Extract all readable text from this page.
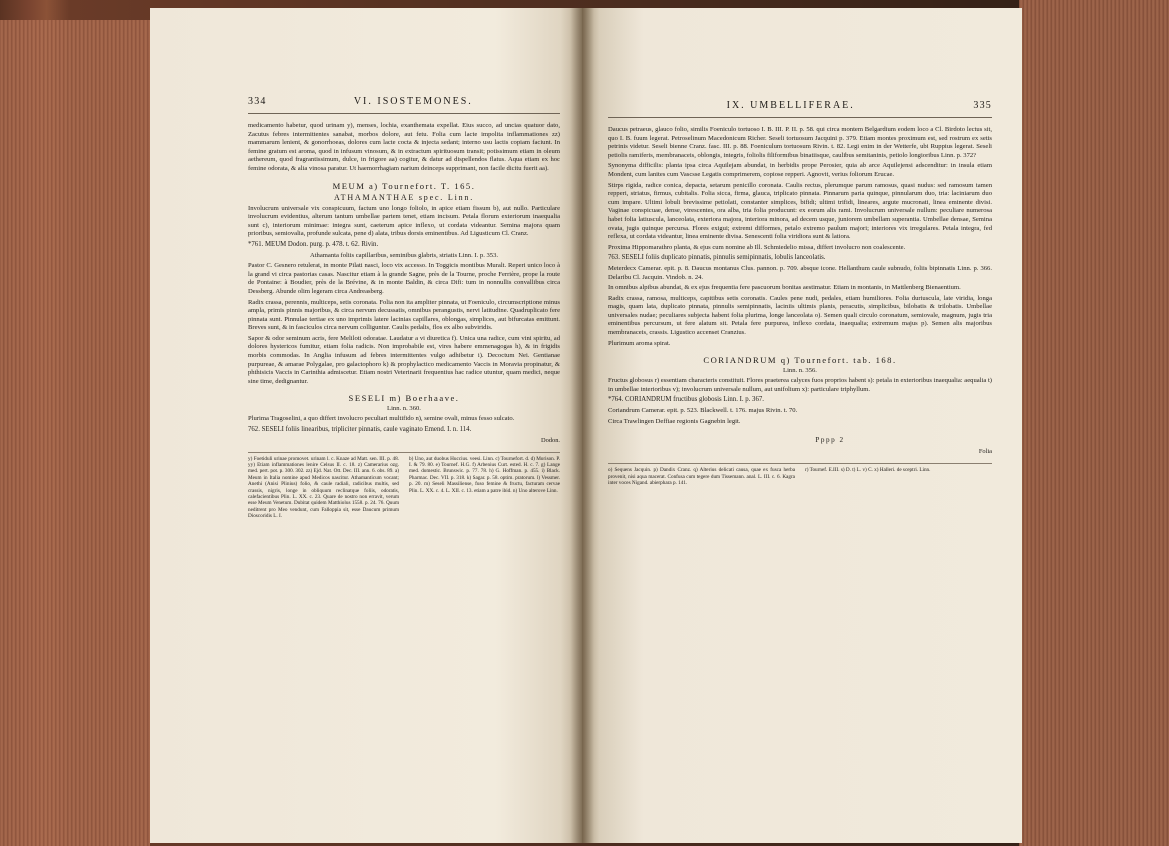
334	VI. ISOSTEMONES.

medicamento habetur, quod urinam y), menses, lochia, exanthemata expellat. Eius succo, ad uncias quatuor dato, Zacutus febres intermittentes sanabat, morbos dolore, aut fetu. Folia cum lacte impolita inflammationes zz) mammarum lenient, & gonorrhoeas, dolores cum lacte cocta & injecta sedant; interno usu lactis copiam faciunt. In femine gratum est aroma, quod in infusum vinosum, & in extractum spirituosum transit; potissimum etiam in oleum aethereum, quod fragrantissimum, dulce, in frigore aa) cogitur, & datur ad dispellendos flatus. Aqua etiam ex hoc femine odorata, & alia vinosa paratur. Ut haemorrhagiam narium deinceps supprimant, non facile dicitu fuerit aa).

MEUM a) Tournefort. T. 165.
ATHAMANTHAE spec. Linn.

Involucrum universale vix conspicuum, factum uno longo foliolo, in apice etiam fissum b), aut nullo. Particulare involucrum evidentius, alterum tantum umbellae partem tenet, etiam incisum. Petala florum exteriorum inaequalia sunt c), interiorum minimae: integra sunt, caeterum apice inflexo, ut cordata videantur. Semina majora quam prioribus, semiovalia, profunde sulcata, pene d) alata, tribus dorsis eminentibus. Ad Ligusticum Cl. Cranz.

*761. MEUM Dodon. purg. p. 478. t. 62. Rivin.

Athamanta foliis capillaribus, seminibus glabris, striatis Linn. I. p. 353.

Pastor C. Gesnero retulerat, in monte Pilati nasci, loco vix accesso. In Toggicis montibus Muralt. Reperi unico loco à la grand vi circa pastorias casas. Nascitur etiam à la grande Sagne, près de la Tourne, proche Ferrière, prope la route de Pontaine: à Boudier, près de la Brévine, & in monte Baldin, & circa Difi: tum in nonnullis convallibus circa Dessberg. Abunde olim legeram circa Andreasberg.

Radix crassa, perennis, multiceps, setis coronata. Folia non ita ampliter pinnata, ut Foeniculo, circumscriptione minus ampla, primis pinnis majoribus, & circa nervum decussatis, omnibus perangustis, nervi latitudine. Quadruplicato fere pinnata sunt. Pinnulae tertiae ex uno imprimis latere lacinias capillares, oblongas, simplices, aut bifurcatas emittunt. Breves sunt, & in fasciculos circa nervum colliguntur. Caulis pedalis, flos ex albo subviridis.

Sapor & odor seminum acris, fere Meliloti odoratae. Laudatur a vi diuretica f). Unica una radice, cum vini spiritu, ad dolores hystericos fumitur, etiam folia radicis. Non improbabile est, vires habere emmenagogas h), & in frigidis morbis commodas. In Anglia infusum ad febres intermittentes vulgo adhibetur i). Decoctum Nei. Gentianae purpureae, & amarae Polygalae, pro galactophoro k) & prophylactico medicamento Vaccis in Moravia propinatur, & phthisicis Vaccis in Carinthia admiscetur. Etiam nostri Veterinarii frequentius hac radice utuntur, quam medici, neque sine time, dedignantur.

SESELI m) Boerhaave.
Linn. n. 360.

Plurima Tragoselini, a quo differt involucro peculiari multifido n), semine ovali, minus fesso sulcato.

762. SESELI foliis linearibus, tripliciter pinnatis, caule vaginato Emend. I. n. 114.

Dodon.

y) Foetiduli urinae promovet. urinam l. c. Knaze ad Matt. sen. III. p. 48. yy) Etiam inflammationes lenire Celsus II. c. 18. z) Camerarius ozg. med. pert. pot. p. 300. 302. zz) Ejd. Nat. Ott. Dec. III. ann. 6. obs. 89. a) Meum in Italia nomine apud Medicos nascitur. Athamanticum vocant; Anethi (Anisi Plinius) folio, & caule radiali, radicibus multis, sed crassis, nigris, longe in obliquum reclinatque foliis, odoratis, calefacientibus Plin. L. XX. c. 23. Quare de nostro non erravit, verum esse Meum Venetum. Dubitat quidem Matthiolus 1558. p. 24. 76. Quum neditrent pro Meo vendunt, cum Falloppia sit, esse Daucum primum Dioscoridis L. I.

b) Uno, aut duobus Huccius. veesi. Linn. c) Tournefort. d. d) Morison. P. I. & 79. 80. e) Tournef. H.G. f) Arbenius Curt. ested. H. c. 7. g) Lange med. domestic. Brunswic. p. 77. 78. h) G. Hoffman. p. 455. i) Black. Pharmac. Dec. VII. p. 318. k) Sagar. p. 58. optim. pratorum. l) Vessmer. p. 20. m) Seseli Massiliense, fuso femine & fructu, facturam cervae Plin. L. XX. c. 4. L. XII. c. 13. etiam a patre ibid. n) Uno alterove Linn.

IX. UMBELLIFERAE.	335

Daucus petraeus, glauco folio, similis Foeniculo tortuoso I. B. III. P. II. p. 58. qui circa montem Belgardium eodem loco a Cl. Birdoto lectus sit, quo I. B. fuum legerat. Petroselinum Macedonicum Richer. Seseli tortuosum Jacquini p. 379. Etiam montes proximum est, sed rostrum ex setis petrinis videtur. Seseli bienne Cranz. fasc. III. p. 88. Foeniculum tortuosum Rivin. t. 82. Legi enim in der Wetterfe, ubi Ruppius legerat. Seseli petiolis ramiferis, membranaceis, oblongis, integris, foliolis filiformibus binatiisque, caulibus semitaninis, petiolo longioribus Linn. p. 372?

Synonyma difficilis: planta ipsa circa Aquilejam abundat, in herbidis prope Perosier, quia ab arce Aquilejensi adscenditur: in insula etiam Mondent, cum lanites cum Vascsse Legatis comprimerem, copiose repperi. Agnovit, verius foliorum Erucae.

Stirps rigida, radice conica, depacta, setarum penicillo coronata. Caulis rectus, plerumque parum ramosus, quasi nudus: sed ramosum tamen repperi, striatus, firmus, cubitalis. Folia sicca, firma, glauca, triplicato pinnata. Pinnarum paria quinque, pinnularum duo, tria: laciniarum duo cum impare. Ultimi lobuli brevissime petiolati, constanter simplices, bifidi; ultimi trifidi, lineares, argute mucronati, linea eminente divisi. Vaginae conspicuae, dense, virescentes, ora alba, tria folia producunt: ex eorum alis rami. Involucrum universale nullum: peculiare numerosa habet folia latiuscula, lanceolata, exteriora majora, interiora minora, ad decem usque, juniorem umbellam superantia. Umbellae densae, Semina ovata, jugis quinque percursa. Flores exigui; extremi difformes, petalo extremo paulum majori; interiores vix irregulares. Petala integra, fed reflexa, ut cordata videantur, linea eminente divisa. Senescenti folia viridiora sunt & latiora.

Proxima Hippomarathro planta, & ejus cum nomine ab Ill. Schmiedelio missa, differt involucro non coalescente.

763. SESELI foliis duplicato pinnatis, pinnulis semipinnatis, lobulis lanceolatis.

Meterdecx Camerar. epit. p. 8. Daucus montanus Clus. pannon. p. 709. absque icone. Hellanthum caule subnudo, foliis bipinnatis Linn. p. 366. Delaribu Cl. Jacquin. Vindob. n. 24.

In omnibus alpibus abundat, & ex ejus frequentia fere pascuorum bonitas aestimatur. Etiam in montanis, in Mattlenberg Bienaentium.

Radix crassa, ramosa, multiceps, capitibus setis coronatis. Caules pene nudi, pedales, etiam humiliores. Folia duriuscula, late viridia, longa magis, quam lata, duplicato pinnata, pinnulis semipinnatis, laciniis ultimis planis, peracutis, simplicibus, bilobatis & trilobatis. Umbellae universales nudae; peculiares subjecta habent folia plurima, longe lanceolata o). Semen quali circulo coronatum, semiovale, magnum, jugis tria eminentibus percursum, ut fere alatum sit. Petala fere purpurea, inflexo cordata, inaequalia; extremum majus p). Semen alis majoribus membranaceis, crassis. Ligustico accenset Cranzius.

Plurimum aroma spirat.

CORIANDRUM q) Tournefort. tab. 168.
Linn. n. 356.

Fructus globosus r) essentiam characteris constituit. Flores praeterea calyces fuos proprios habent s): petala in exterioribus inaequalia: aequalia t) in umbellae interioribus v); involucrum universale nullum, aut unifolium x): particulare triphyllum.

*764. CORIANDRUM fructibus globosis Linn. I. p. 367.

Coriandrum Camerar. epit. p. 523. Blackwell. t. 176. majus Rivin. t. 70.

Circa Trawlingen Deffiae regionis Gagnebin legit.

Pppp 2
Folia

o) Sequens Jacquin. p) Dandix Cranz. q) Alterius delicati causa, quae ex fusca herba provenit, nisi aqua macerat. Confusa cum tegere dum Tissemann. anal. L. III. c. 6. Kagra inter voces Nigand. abierphara p. 141.

r) Tournef. E.III. s) D. t) L. v) C. x) Halleri. de sceptri. Linn.
